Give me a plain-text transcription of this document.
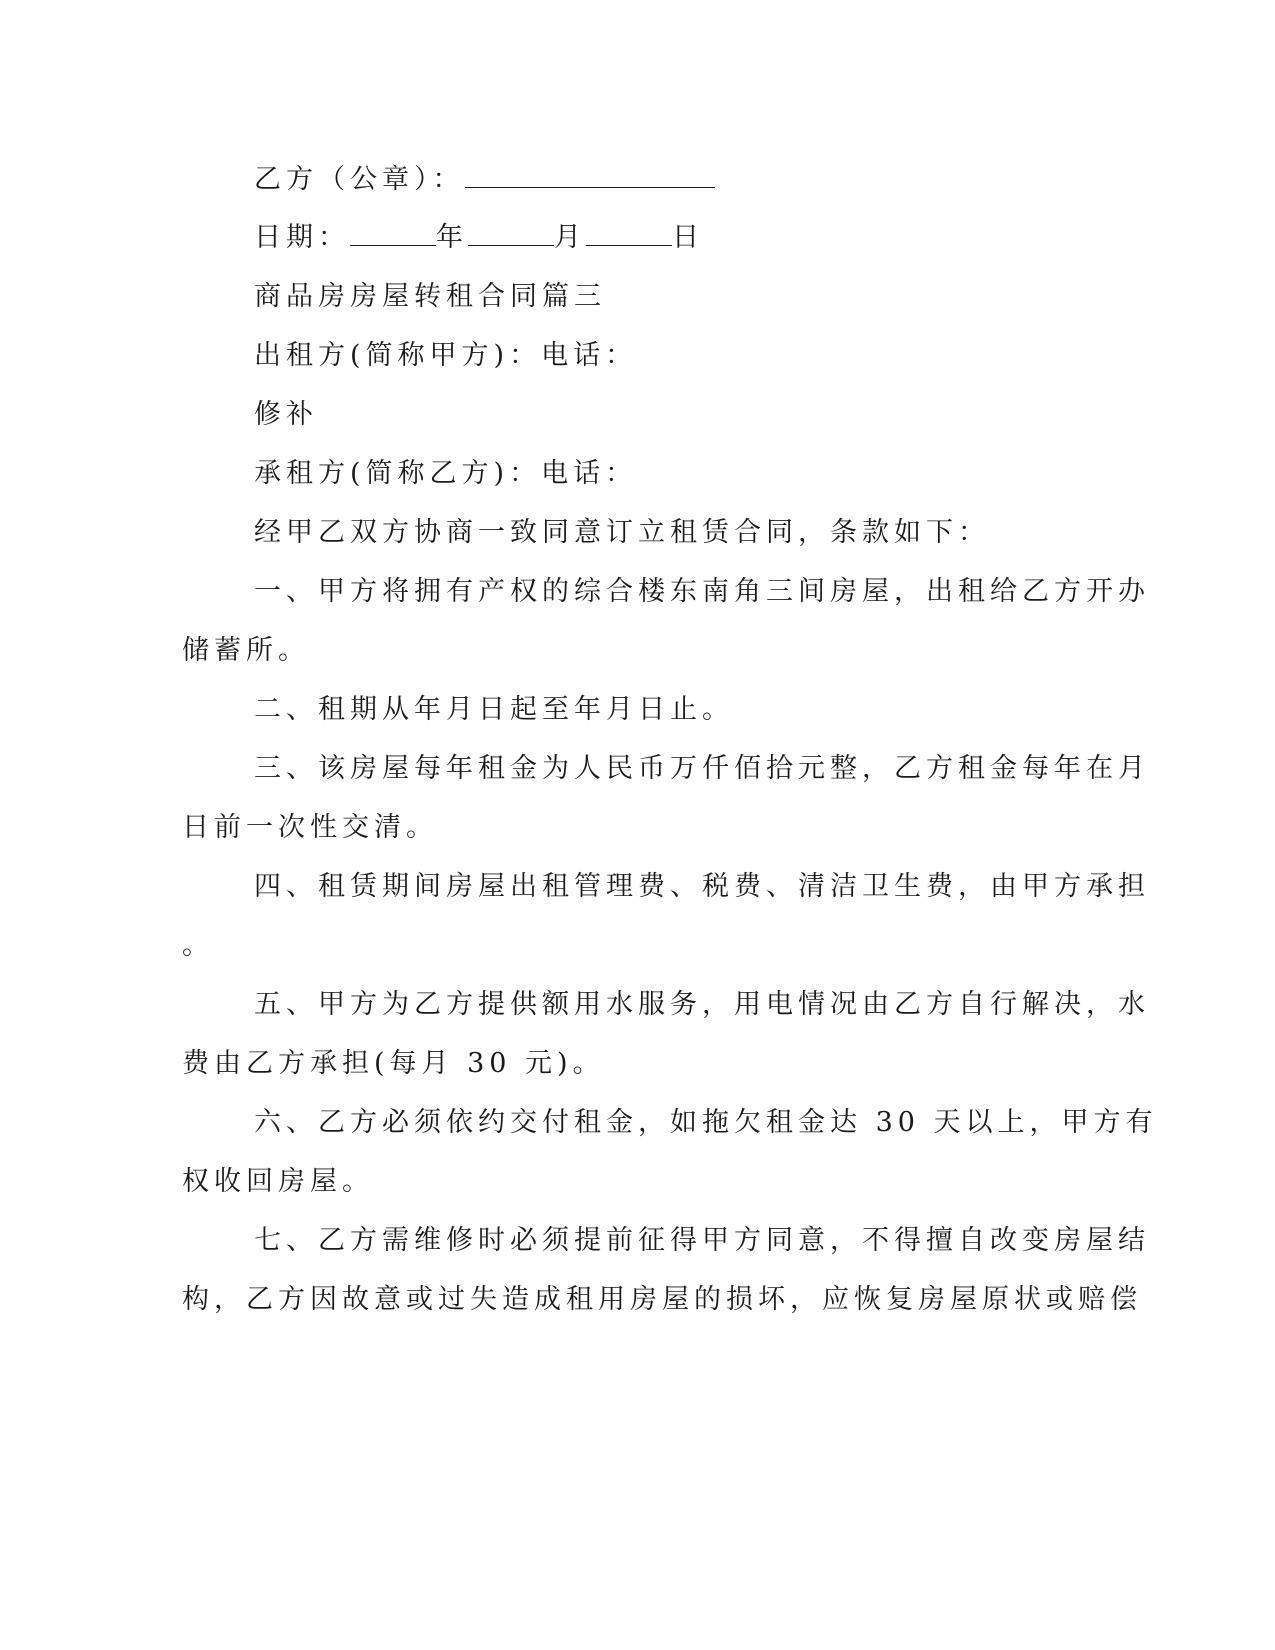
乙方（公章）：
日期：	年	月	日
商品房房屋转租合同篇三
出租方(简称甲方)：电话：
修补
承租方(简称乙方)：电话：
经甲乙双方协商一致同意订立租赁合同，条款如下：
一、甲方将拥有产权的综合楼东南角三间房屋，出租给乙方开办
储蓄所。
二、租期从年月日起至年月日止。
三、该房屋每年租金为人民币万仟佰拾元整，乙方租金每年在月
日前一次性交清。
四、租赁期间房屋出租管理费、税费、清洁卫生费，由甲方承担
。
五、甲方为乙方提供额用水服务，用电情况由乙方自行解决，水
费由乙方承担(每月 30 元)。
六、乙方必须依约交付租金，如拖欠租金达 30 天以上，甲方有
权收回房屋。
七、乙方需维修时必须提前征得甲方同意，不得擅自改变房屋结
构，乙方因故意或过失造成租用房屋的损坏，应恢复房屋原状或赔偿
